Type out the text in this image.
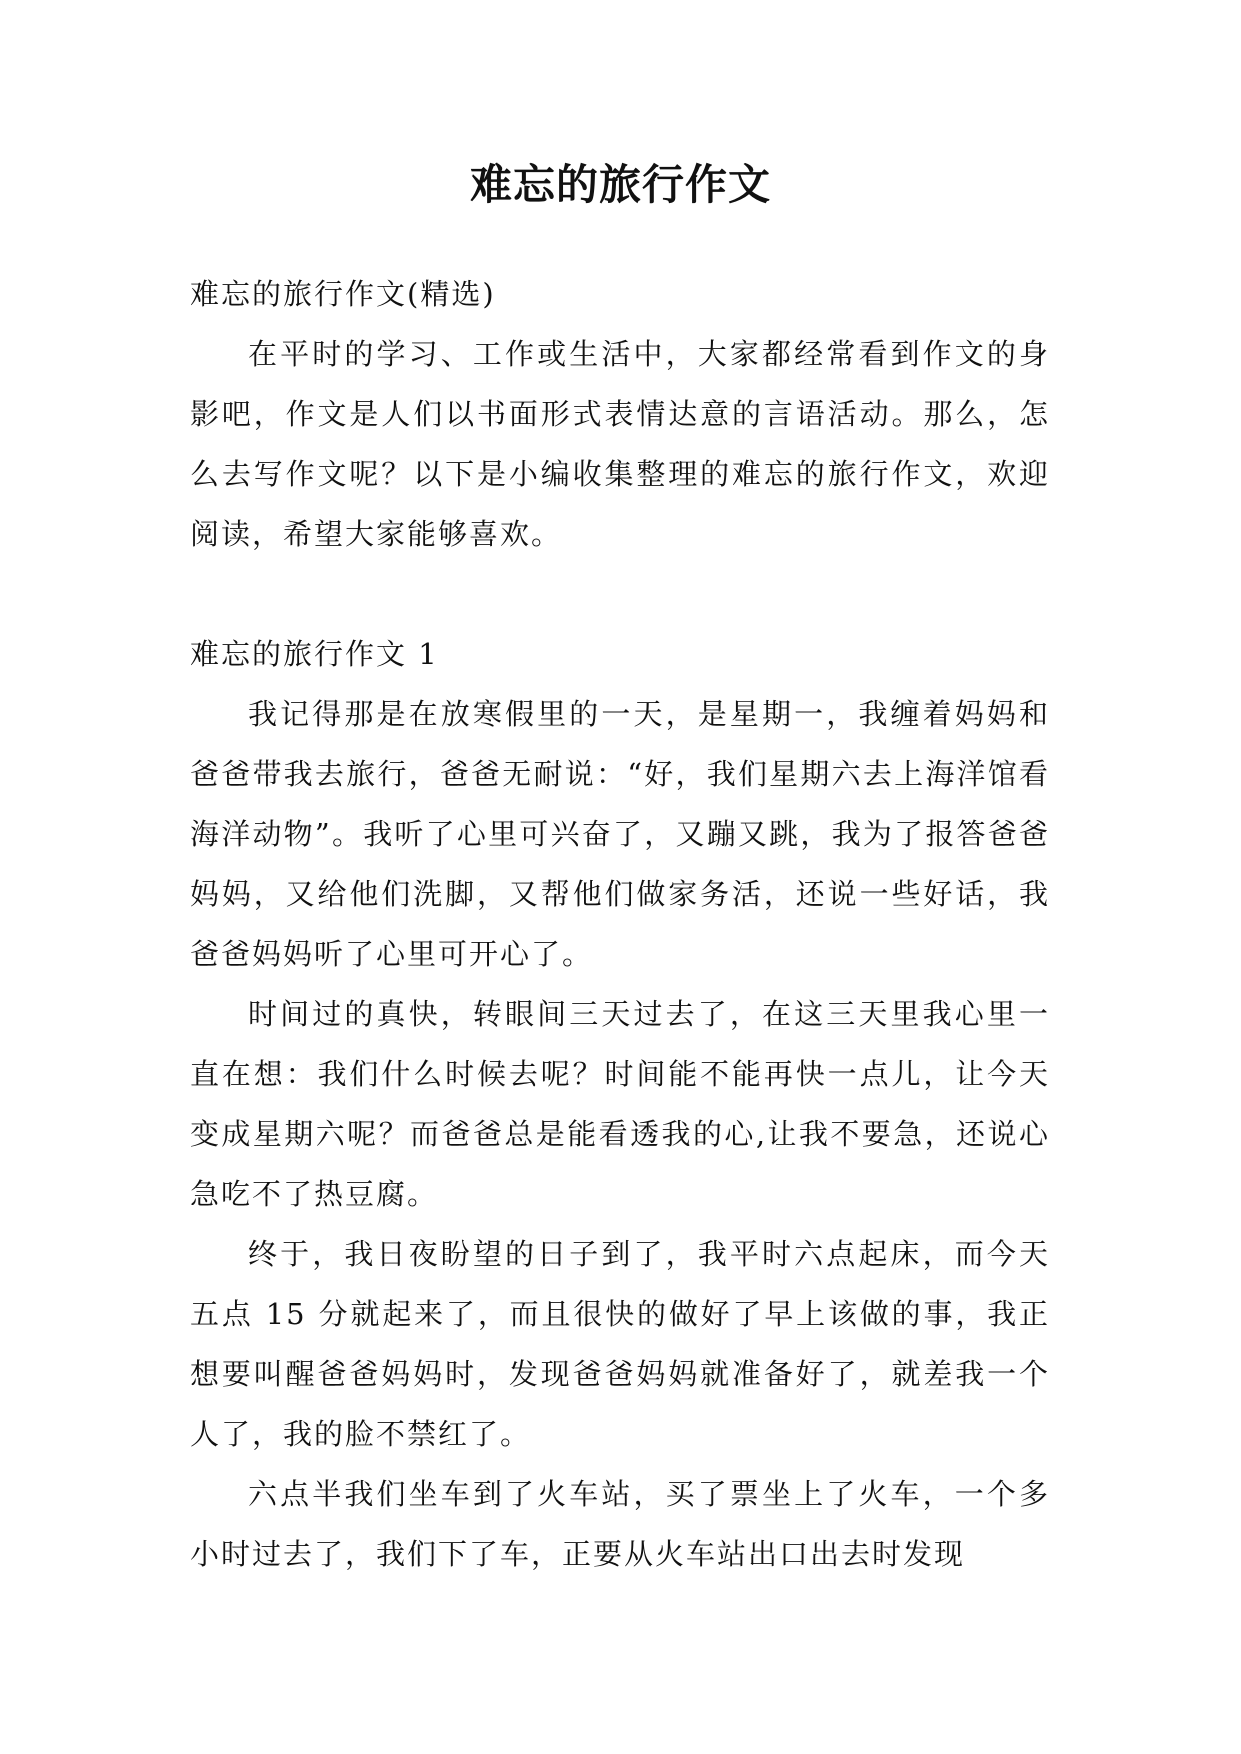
难忘的旅行作文

难忘的旅行作文(精选)

在平时的学习、工作或生活中，大家都经常看到作文的身影吧，作文是人们以书面形式表情达意的言语活动。那么，怎么去写作文呢？以下是小编收集整理的难忘的旅行作文，欢迎阅读，希望大家能够喜欢。

难忘的旅行作文 1

我记得那是在放寒假里的一天，是星期一，我缠着妈妈和爸爸带我去旅行，爸爸无耐说：“好，我们星期六去上海洋馆看海洋动物”。我听了心里可兴奋了，又蹦又跳，我为了报答爸爸妈妈，又给他们洗脚，又帮他们做家务活，还说一些好话，我爸爸妈妈听了心里可开心了。

时间过的真快，转眼间三天过去了，在这三天里我心里一直在想：我们什么时候去呢？时间能不能再快一点儿，让今天变成星期六呢？而爸爸总是能看透我的心,让我不要急，还说心急吃不了热豆腐。

终于，我日夜盼望的日子到了，我平时六点起床，而今天五点 15 分就起来了，而且很快的做好了早上该做的事，我正想要叫醒爸爸妈妈时，发现爸爸妈妈就准备好了，就差我一个人了，我的脸不禁红了。

六点半我们坐车到了火车站，买了票坐上了火车，一个多小时过去了，我们下了车，正要从火车站出口出去时发现
